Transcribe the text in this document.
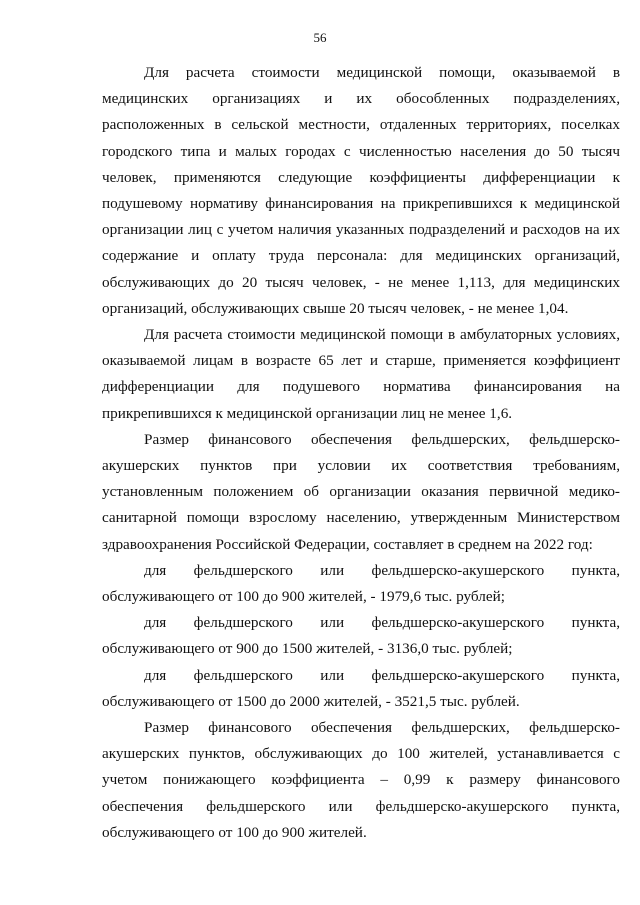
56

Для расчета стоимости медицинской помощи, оказываемой в медицинских организациях и их обособленных подразделениях, расположенных в сельской местности, отдаленных территориях, поселках городского типа и малых городах с численностью населения до 50 тысяч человек, применяются следующие коэффициенты дифференциации к подушевому нормативу финансирования на прикрепившихся к медицинской организации лиц с учетом наличия указанных подразделений и расходов на их содержание и оплату труда персонала: для медицинских организаций, обслуживающих до 20 тысяч человек, - не менее 1,113, для медицинских организаций, обслуживающих свыше 20 тысяч человек, - не менее 1,04.

Для расчета стоимости медицинской помощи в амбулаторных условиях, оказываемой лицам в возрасте 65 лет и старше, применяется коэффициент дифференциации для подушевого норматива финансирования на прикрепившихся к медицинской организации лиц не менее 1,6.

Размер финансового обеспечения фельдшерских, фельдшерско-акушерских пунктов при условии их соответствия требованиям, установленным положением об организации оказания первичной медико-санитарной помощи взрослому населению, утвержденным Министерством здравоохранения Российской Федерации, составляет в среднем на 2022 год:

для фельдшерского или фельдшерско-акушерского пункта, обслуживающего от 100 до 900 жителей, - 1979,6 тыс. рублей;

для фельдшерского или фельдшерско-акушерского пункта, обслуживающего от 900 до 1500 жителей, - 3136,0 тыс. рублей;

для фельдшерского или фельдшерско-акушерского пункта, обслуживающего от 1500 до 2000 жителей, - 3521,5 тыс. рублей.

Размер финансового обеспечения фельдшерских, фельдшерско-акушерских пунктов, обслуживающих до 100 жителей, устанавливается с учетом понижающего коэффициента – 0,99 к размеру финансового обеспечения фельдшерского или фельдшерско-акушерского пункта, обслуживающего от 100 до 900 жителей.
